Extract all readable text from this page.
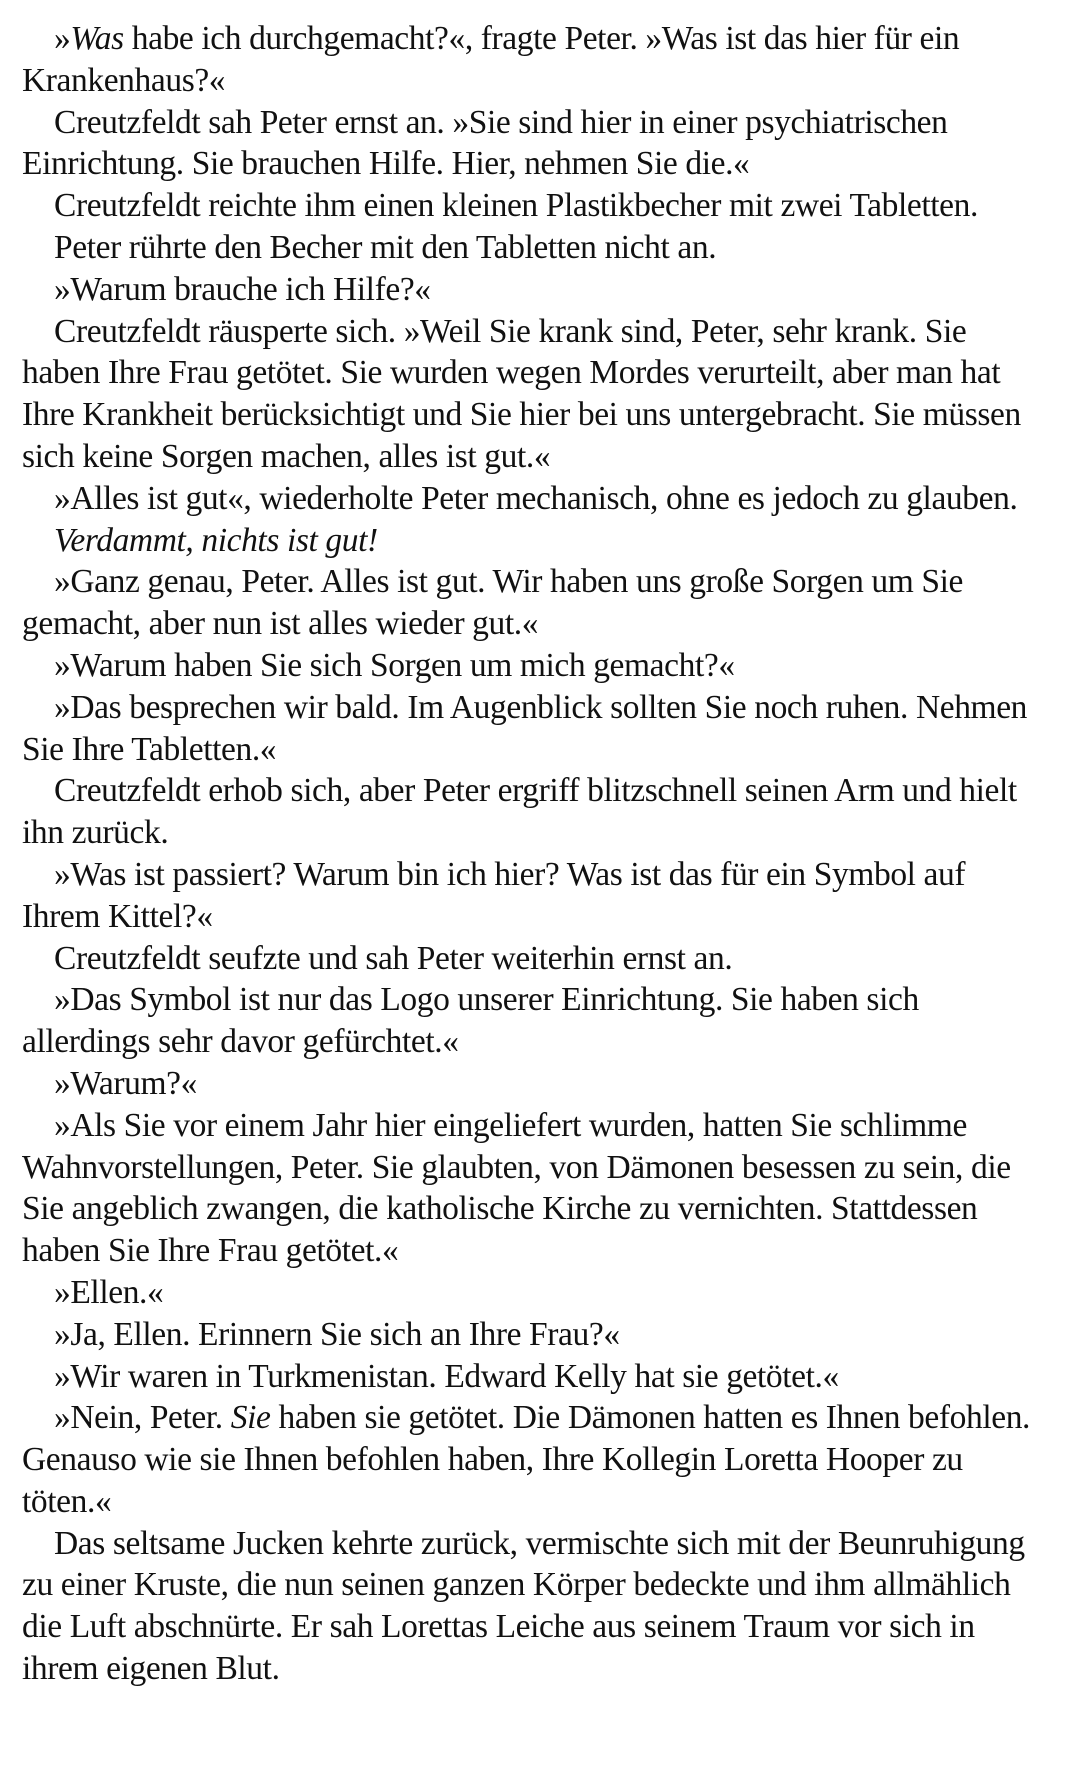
»Was habe ich durchgemacht?«, fragte Peter. »Was ist das hier für ein Krankenhaus?«

Creutzfeldt sah Peter ernst an. »Sie sind hier in einer psychiatrischen Einrichtung. Sie brauchen Hilfe. Hier, nehmen Sie die.«

Creutzfeldt reichte ihm einen kleinen Plastikbecher mit zwei Tabletten.

Peter rührte den Becher mit den Tabletten nicht an.

»Warum brauche ich Hilfe?«

Creutzfeldt räusperte sich. »Weil Sie krank sind, Peter, sehr krank. Sie haben Ihre Frau getötet. Sie wurden wegen Mordes verurteilt, aber man hat Ihre Krankheit berücksichtigt und Sie hier bei uns untergebracht. Sie müssen sich keine Sorgen machen, alles ist gut.«

»Alles ist gut«, wiederholte Peter mechanisch, ohne es jedoch zu glauben.

Verdammt, nichts ist gut!

»Ganz genau, Peter. Alles ist gut. Wir haben uns große Sorgen um Sie gemacht, aber nun ist alles wieder gut.«

»Warum haben Sie sich Sorgen um mich gemacht?«

»Das besprechen wir bald. Im Augenblick sollten Sie noch ruhen. Nehmen Sie Ihre Tabletten.«

Creutzfeldt erhob sich, aber Peter ergriff blitzschnell seinen Arm und hielt ihn zurück.

»Was ist passiert? Warum bin ich hier? Was ist das für ein Symbol auf Ihrem Kittel?«

Creutzfeldt seufzte und sah Peter weiterhin ernst an.

»Das Symbol ist nur das Logo unserer Einrichtung. Sie haben sich allerdings sehr davor gefürchtet.«

»Warum?«

»Als Sie vor einem Jahr hier eingeliefert wurden, hatten Sie schlimme Wahnvorstellungen, Peter. Sie glaubten, von Dämonen besessen zu sein, die Sie angeblich zwangen, die katholische Kirche zu vernichten. Stattdessen haben Sie Ihre Frau getötet.«

»Ellen.«

»Ja, Ellen. Erinnern Sie sich an Ihre Frau?«

»Wir waren in Turkmenistan. Edward Kelly hat sie getötet.«

»Nein, Peter. Sie haben sie getötet. Die Dämonen hatten es Ihnen befohlen. Genauso wie sie Ihnen befohlen haben, Ihre Kollegin Loretta Hooper zu töten.«

Das seltsame Jucken kehrte zurück, vermischte sich mit der Beunruhigung zu einer Kruste, die nun seinen ganzen Körper bedeckte und ihm allmählich die Luft abschnürte. Er sah Lorettas Leiche aus seinem Traum vor sich in ihrem eigenen Blut.
